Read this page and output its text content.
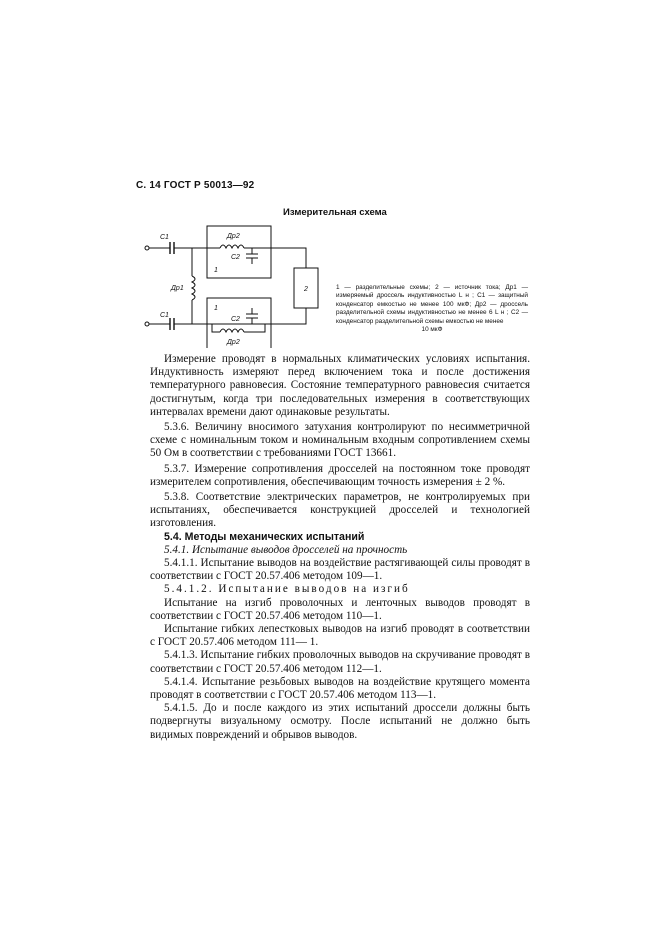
С. 14 ГОСТ Р 50013—92
Измерительная схема
С1
С1
Др1
Др2
С2
1
1
С2
Др2
2	1 — разделительные схемы; 2 — источник тока; Др1 — измеряемый дроссель индуктивностью L н ; С1 — защитный конденсатор емкостью не менее 100 мкФ; Др2 — дроссель разделительной схемы индуктивностью не менее 6 L н ; С2 — конденсатор разделительной схемы емкостью не менее
10 мкФ

Измерение проводят в нормальных климатических условиях испытания. Индуктивность измеряют перед включением тока и после достижения температурного равновесия. Состояние температурного равновесия считается достигнутым, когда три последовательных измерения в соответствующих интервалах времени дают одинаковые результаты.

5.3.6. Величину вносимого затухания контролируют по несимметричной схеме с номинальным током и номинальным входным сопротивлением схемы 50 Ом в соответствии с требованиями ГОСТ 13661.

5.3.7. Измерение сопротивления дросселей на постоянном токе проводят измерителем сопротивления, обеспечивающим точность измерения ± 2 %.

5.3.8. Соответствие электрических параметров, не контролируемых при испытаниях, обеспечивается конструкцией дросселей и технологией изготовления.

5.4. Методы механических испытаний

5.4.1. Испытание выводов дросселей на прочность

5.4.1.1. Испытание выводов на воздействие растягивающей силы проводят в соответствии с ГОСТ 20.57.406 методом 109—1.

5.4.1.2. Испытание выводов на изгиб

Испытание на изгиб проволочных и ленточных выводов проводят в соответствии с ГОСТ 20.57.406 методом 110—1.

Испытание гибких лепестковых выводов на изгиб проводят в соответствии с ГОСТ 20.57.406 методом 111— 1.

5.4.1.3. Испытание гибких проволочных выводов на скручивание проводят в соответствии с ГОСТ 20.57.406 методом 112—1.

5.4.1.4. Испытание резьбовых выводов на воздействие крутящего момента проводят в соответствии с ГОСТ 20.57.406 методом 113—1.

5.4.1.5. До и после каждого из этих испытаний дроссели должны быть подвергнуты визуальному осмотру. После испытаний не должно быть видимых повреждений и обрывов выводов.
